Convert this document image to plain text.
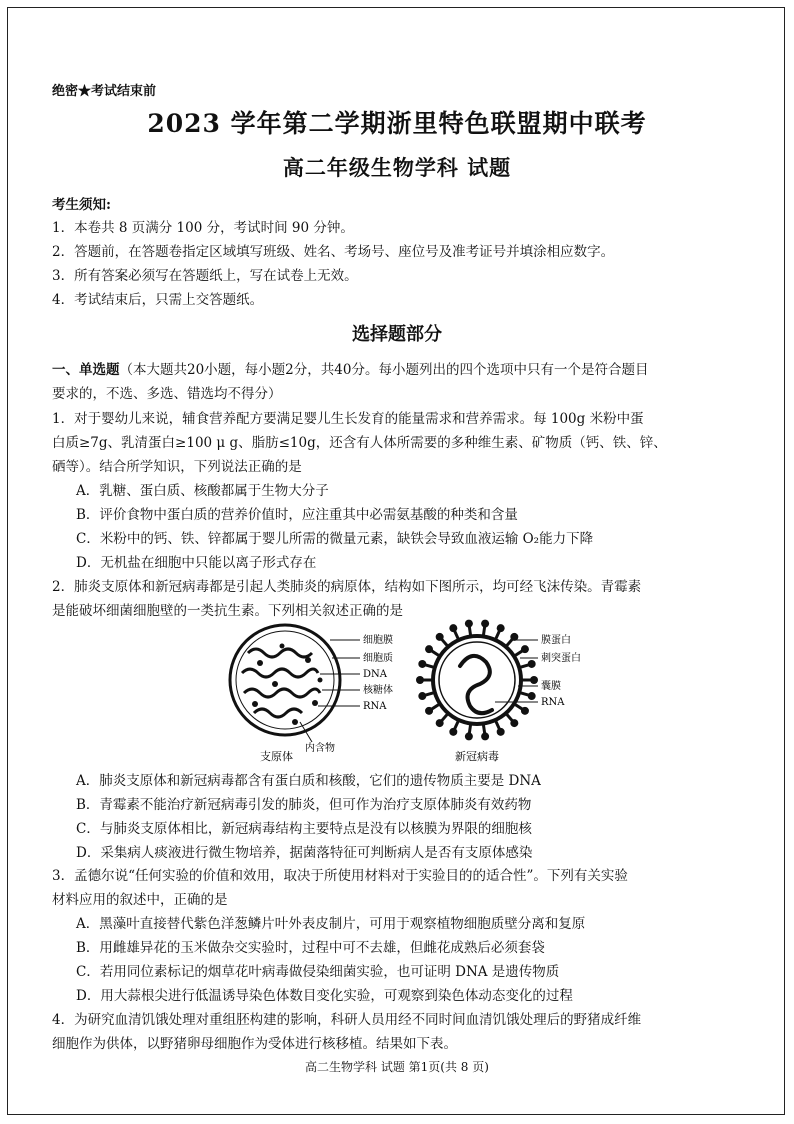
绝密★考试结束前
2023 学年第二学期浙里特色联盟期中联考
高二年级生物学科 试题
考生须知:
1．本卷共 8 页满分 100 分，考试时间 90 分钟。
2．答题前，在答题卷指定区域填写班级、姓名、考场号、座位号及准考证号并填涂相应数字。
3．所有答案必须写在答题纸上，写在试卷上无效。
4．考试结束后，只需上交答题纸。
选择题部分
一、单选题（本大题共20小题，每小题2分，共40分。每小题列出的四个选项中只有一个是符合题目
要求的，不选、多选、错选均不得分）
1．对于婴幼儿来说，辅食营养配方要满足婴儿生长发育的能量需求和营养需求。每 100g 米粉中蛋
白质≥7g、乳清蛋白≥100 μ g、脂肪≤10g，还含有人体所需要的多种维生素、矿物质（钙、铁、锌、
硒等）。结合所学知识，下列说法正确的是
A．乳糖、蛋白质、核酸都属于生物大分子
B．评价食物中蛋白质的营养价值时，应注重其中必需氨基酸的种类和含量
C．米粉中的钙、铁、锌都属于婴儿所需的微量元素，缺铁会导致血液运输 O₂能力下降
D．无机盐在细胞中只能以离子形式存在
2．肺炎支原体和新冠病毒都是引起人类肺炎的病原体，结构如下图所示，均可经飞沫传染。青霉素
是能破坏细菌细胞壁的一类抗生素。下列相关叙述正确的是
细胞膜
细胞质
DNA
核糖体
RNA
内含物
支原体
膜蛋白
刺突蛋白
囊膜
RNA
新冠病毒
A．肺炎支原体和新冠病毒都含有蛋白质和核酸，它们的遗传物质主要是 DNA
B．青霉素不能治疗新冠病毒引发的肺炎，但可作为治疗支原体肺炎有效药物
C．与肺炎支原体相比，新冠病毒结构主要特点是没有以核膜为界限的细胞核
D．采集病人痰液进行微生物培养，据菌落特征可判断病人是否有支原体感染
3．孟德尔说“任何实验的价值和效用，取决于所使用材料对于实验目的的适合性”。下列有关实验
材料应用的叙述中，正确的是
A．黑藻叶直接替代紫色洋葱鳞片叶外表皮制片，可用于观察植物细胞质壁分离和复原
B．用雌雄异花的玉米做杂交实验时，过程中可不去雄，但雌花成熟后必须套袋
C．若用同位素标记的烟草花叶病毒做侵染细菌实验，也可证明 DNA 是遗传物质
D．用大蒜根尖进行低温诱导染色体数目变化实验，可观察到染色体动态变化的过程
4．为研究血清饥饿处理对重组胚构建的影响，科研人员用经不同时间血清饥饿处理后的野猪成纤维
细胞作为供体，以野猪卵母细胞作为受体进行核移植。结果如下表。
高二生物学科 试题 第1页(共 8 页)
